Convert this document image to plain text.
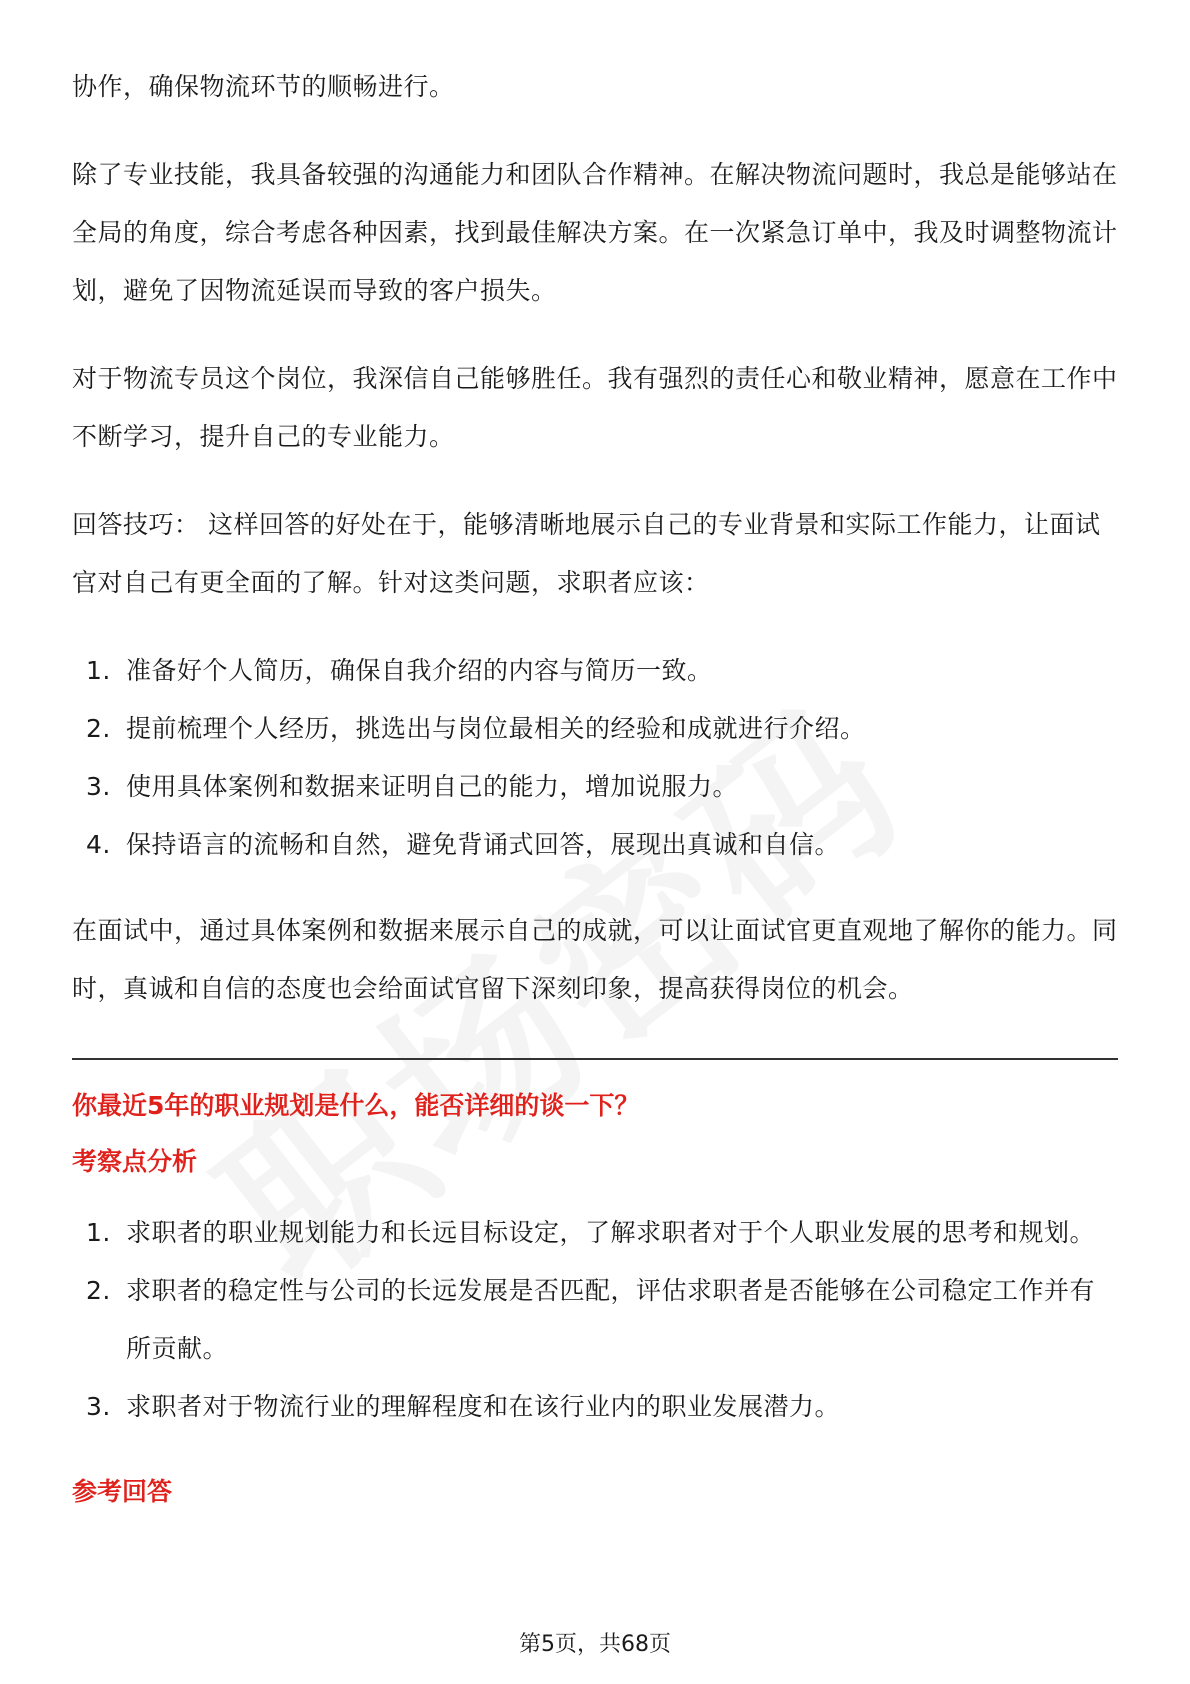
协作，确保物流环节的顺畅进行。

除了专业技能，我具备较强的沟通能力和团队合作精神。在解决物流问题时，我总是能够站在全局的角度，综合考虑各种因素，找到最佳解决方案。在一次紧急订单中，我及时调整物流计划，避免了因物流延误而导致的客户损失。

对于物流专员这个岗位，我深信自己能够胜任。我有强烈的责任心和敬业精神，愿意在工作中不断学习，提升自己的专业能力。

回答技巧： 这样回答的好处在于，能够清晰地展示自己的专业背景和实际工作能力，让面试官对自己有更全面的了解。针对这类问题，求职者应该：

1. 准备好个人简历，确保自我介绍的内容与简历一致。
2. 提前梳理个人经历，挑选出与岗位最相关的经验和成就进行介绍。
3. 使用具体案例和数据来证明自己的能力，增加说服力。
4. 保持语言的流畅和自然，避免背诵式回答，展现出真诚和自信。

在面试中，通过具体案例和数据来展示自己的成就，可以让面试官更直观地了解你的能力。同时，真诚和自信的态度也会给面试官留下深刻印象，提高获得岗位的机会。

你最近5年的职业规划是什么，能否详细的谈一下？
考察点分析
1. 求职者的职业规划能力和长远目标设定，了解求职者对于个人职业发展的思考和规划。
2. 求职者的稳定性与公司的长远发展是否匹配，评估求职者是否能够在公司稳定工作并有所贡献。
3. 求职者对于物流行业的理解程度和在该行业内的职业发展潜力。
参考回答
第5页，共68页
